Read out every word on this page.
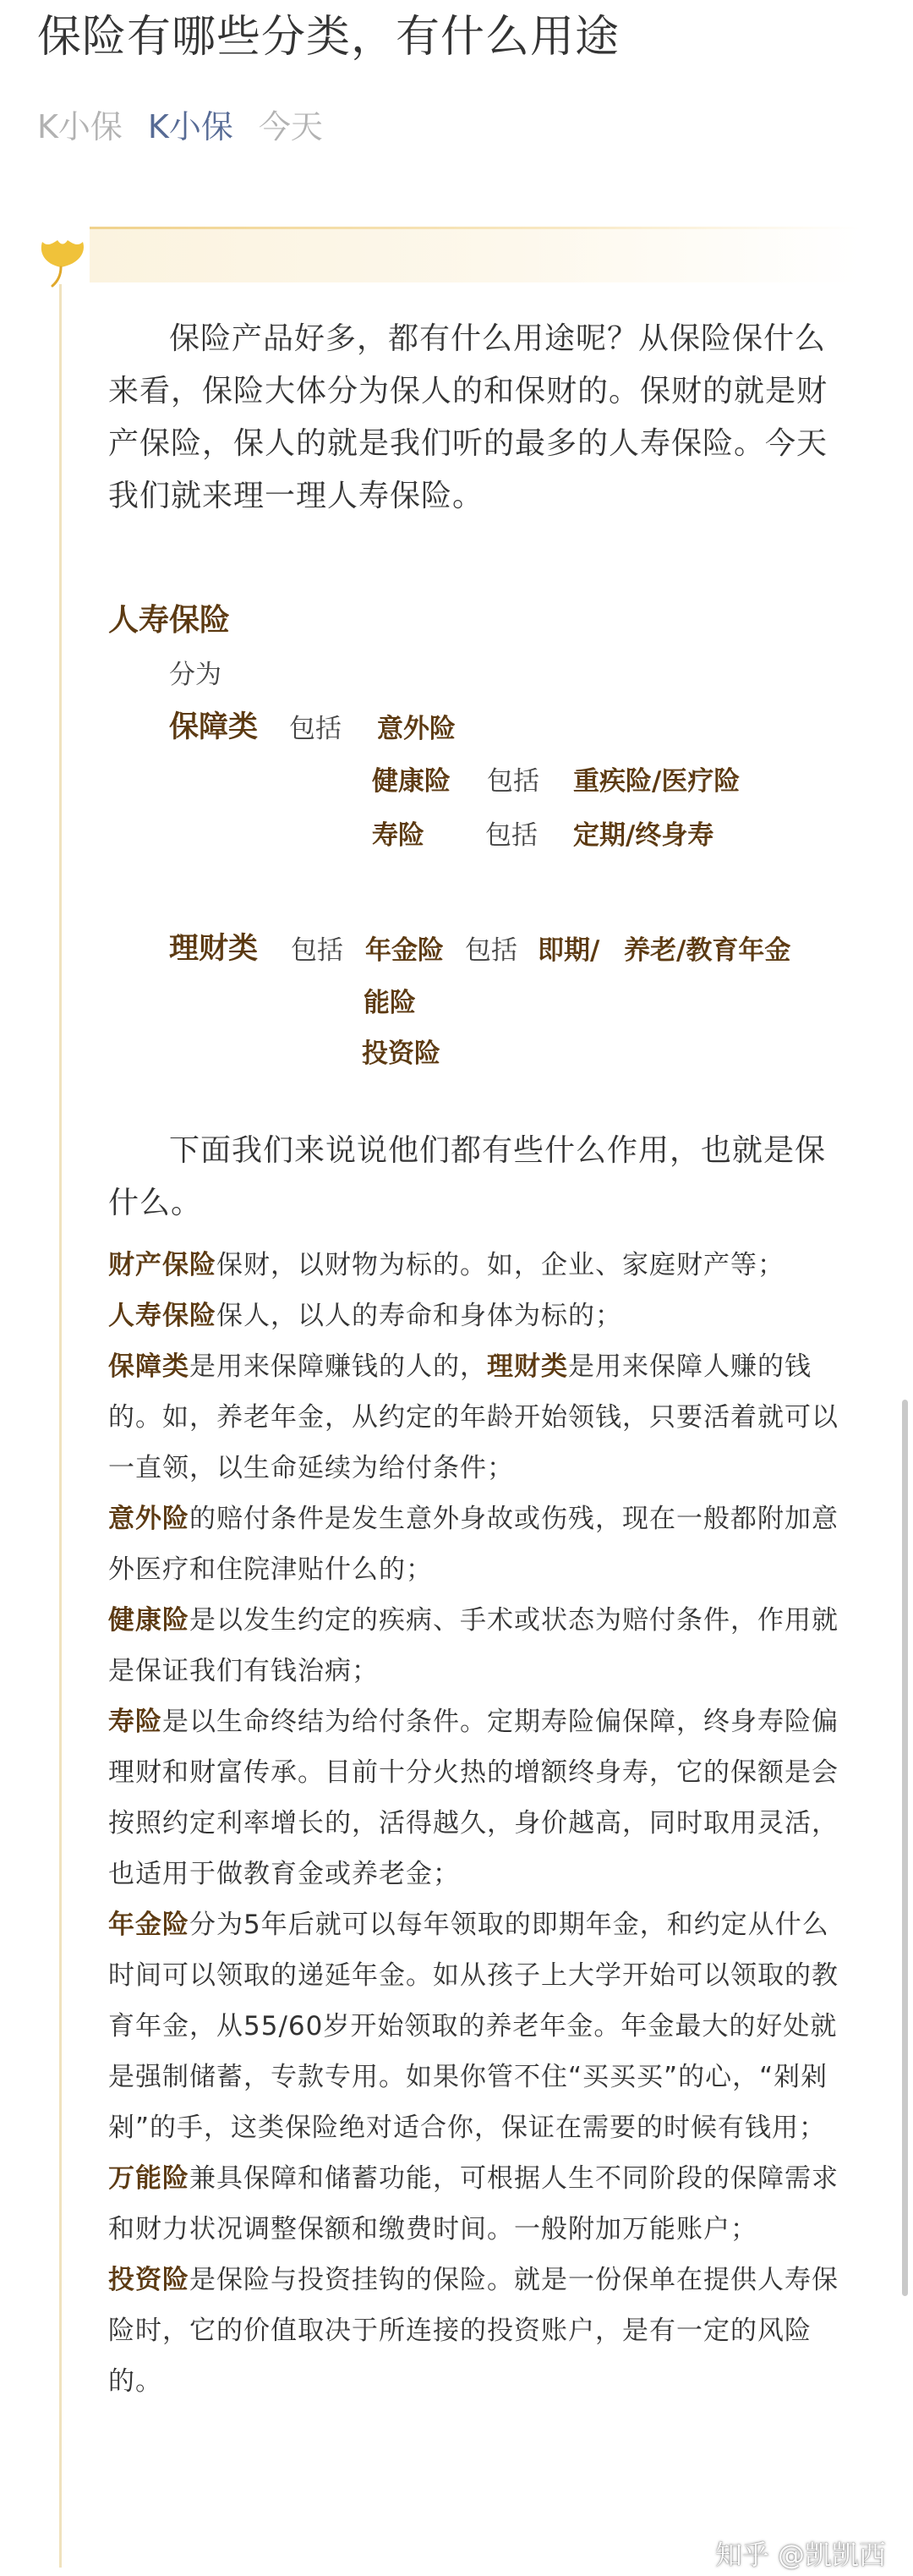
保险有哪些分类，有什么用途
K小保 K小保 今天

保险产品好多，都有什么用途呢？从保险保什么来看，保险大体分为保人的和保财的。保财的就是财产保险，保人的就是我们听的最多的人寿保险。今天我们就来理一理人寿保险。

人寿保险
分为
保障类 包括 意外险
健康险 包括 重疾险/医疗险
寿险 包括 定期/终身寿
理财类 包括 年金险 包括 即期/ 养老/教育年金
能险
投资险

下面我们来说说他们都有些什么作用，也就是保什么。

财产保险保财，以财物为标的。如，企业、家庭财产等；

人寿保险保人，以人的寿命和身体为标的；

保障类是用来保障赚钱的人的，理财类是用来保障人赚的钱的。如，养老年金，从约定的年龄开始领钱，只要活着就可以一直领，以生命延续为给付条件；

意外险的赔付条件是发生意外身故或伤残，现在一般都附加意外医疗和住院津贴什么的；

健康险是以发生约定的疾病、手术或状态为赔付条件，作用就是保证我们有钱治病；

寿险是以生命终结为给付条件。定期寿险偏保障，终身寿险偏理财和财富传承。目前十分火热的增额终身寿，它的保额是会按照约定利率增长的，活得越久，身价越高，同时取用灵活，也适用于做教育金或养老金；

年金险分为5年后就可以每年领取的即期年金，和约定从什么时间可以领取的递延年金。如从孩子上大学开始可以领取的教育年金，从55/60岁开始领取的养老年金。年金最大的好处就是强制储蓄，专款专用。如果你管不住“买买买”的心，“剁剁剁”的手，这类保险绝对适合你，保证在需要的时候有钱用；

万能险兼具保障和储蓄功能，可根据人生不同阶段的保障需求和财力状况调整保额和缴费时间。一般附加万能账户；

投资险是保险与投资挂钩的保险。就是一份保单在提供人寿保险时，它的价值取决于所连接的投资账户，是有一定的风险的。

知乎 @凯凯西
